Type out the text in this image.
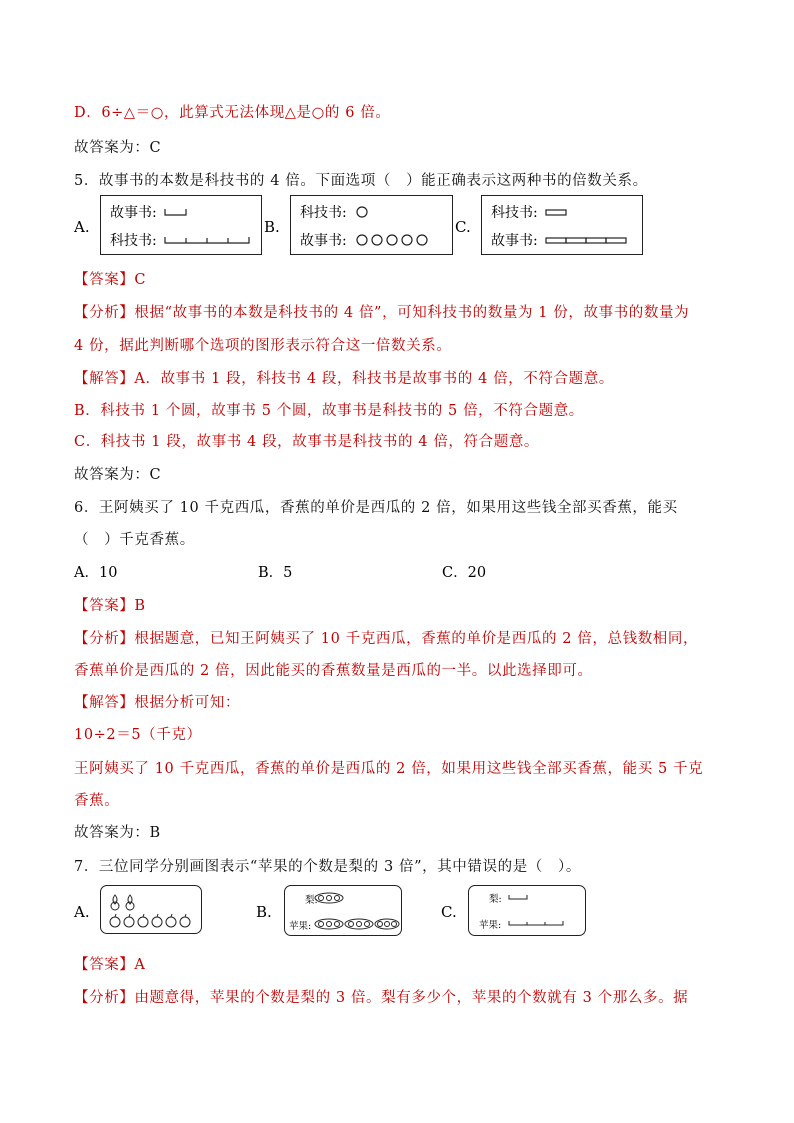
D．6÷△＝○，此算式无法体现△是○的 6 倍。
故答案为：C
5．故事书的本数是科技书的 4 倍。下面选项（　）能正确表示这两种书的倍数关系。
A.
故事书:
科技书:
B.
科技书:
故事书:
C.
科技书:
故事书:
【答案】C
【分析】根据“故事书的本数是科技书的 4 倍”，可知科技书的数量为 1 份，故事书的数量为
4 份，据此判断哪个选项的图形表示符合这一倍数关系。
【解答】A．故事书 1 段，科技书 4 段，科技书是故事书的 4 倍，不符合题意。
B．科技书 1 个圆，故事书 5 个圆，故事书是科技书的 5 倍，不符合题意。
C．科技书 1 段，故事书 4 段，故事书是科技书的 4 倍，符合题意。
故答案为：C
6．王阿姨买了 10 千克西瓜，香蕉的单价是西瓜的 2 倍，如果用这些钱全部买香蕉，能买
（　）千克香蕉。
A．10	B．5	C．20
【答案】B
【分析】根据题意，已知王阿姨买了 10 千克西瓜，香蕉的单价是西瓜的 2 倍，总钱数相同，
香蕉单价是西瓜的 2 倍，因此能买的香蕉数量是西瓜的一半。以此选择即可。
【解答】根据分析可知：
10÷2＝5（千克）
王阿姨买了 10 千克西瓜，香蕉的单价是西瓜的 2 倍，如果用这些钱全部买香蕉，能买 5 千克
香蕉。
故答案为：B
7．三位同学分别画图表示“苹果的个数是梨的 3 倍”，其中错误的是（　）。
A.	B.
梨:
苹果:
C.
梨:
苹果:
【答案】A
【分析】由题意得，苹果的个数是梨的 3 倍。梨有多少个，苹果的个数就有 3 个那么多。据
